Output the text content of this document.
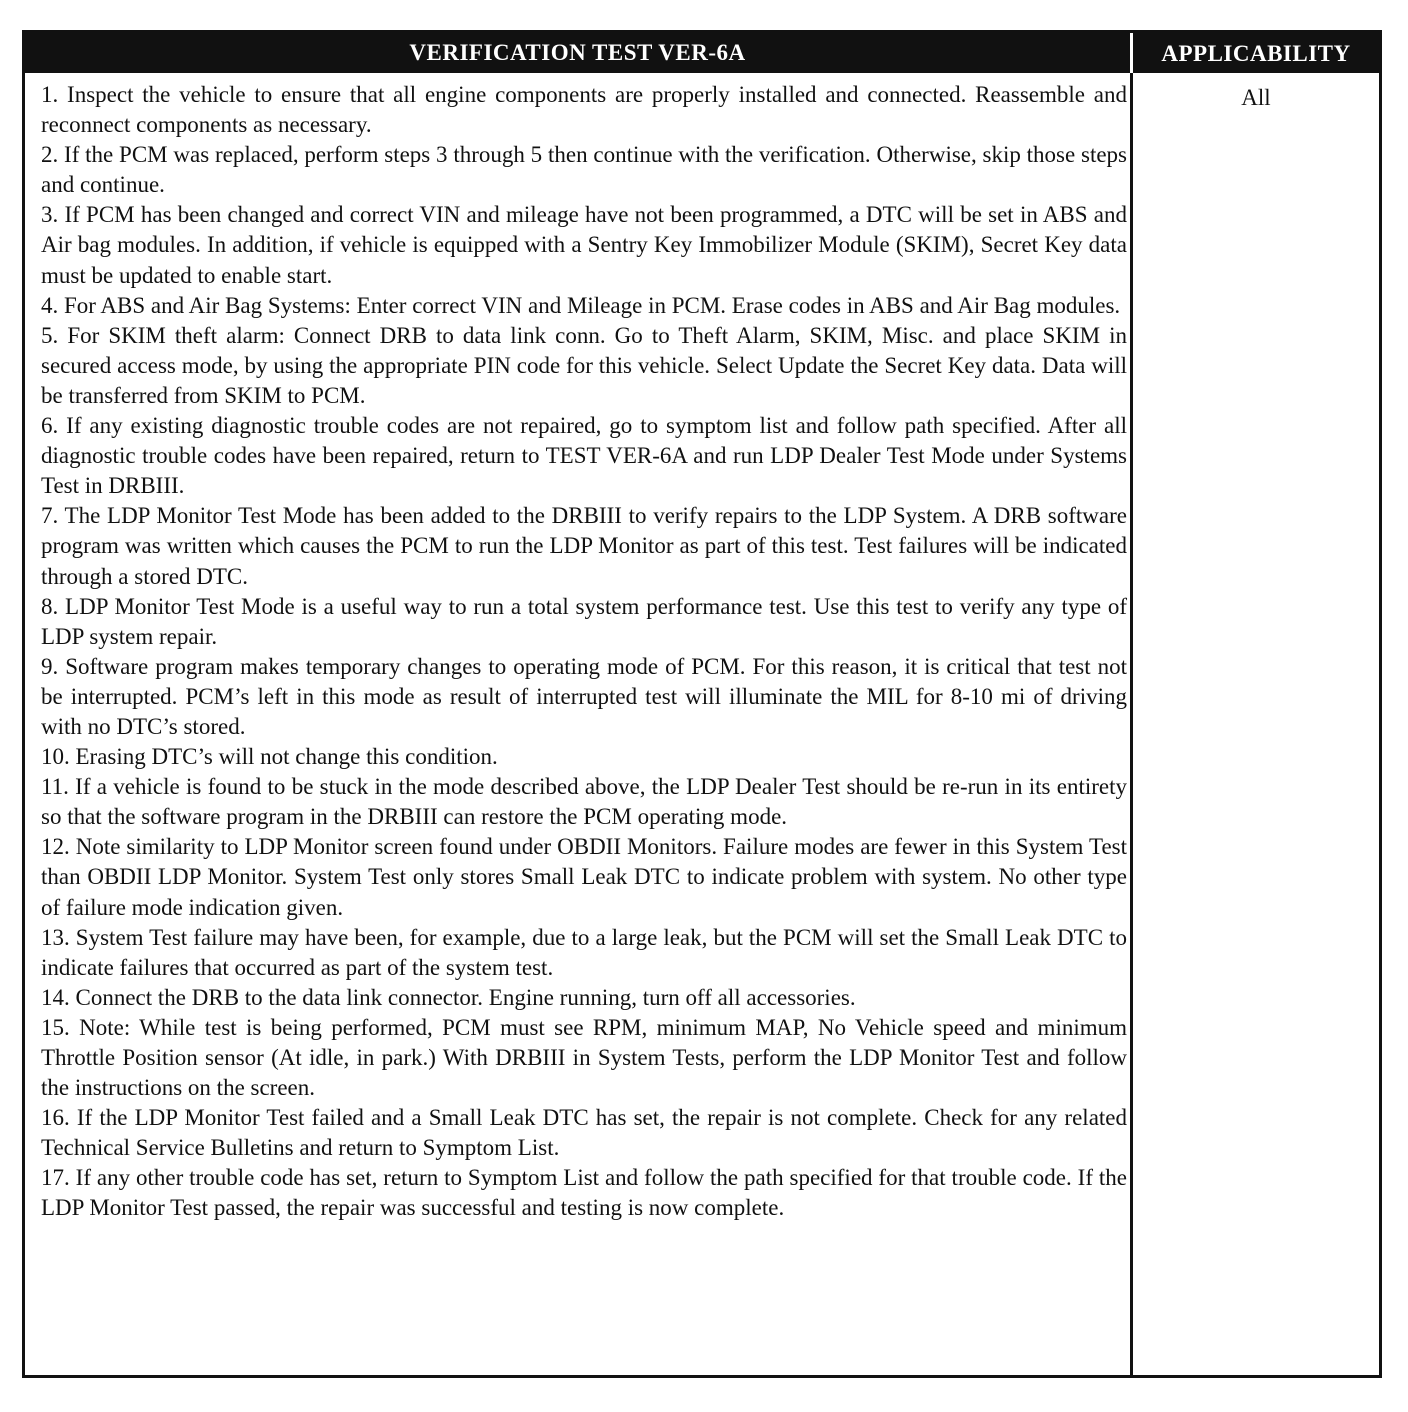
VERIFICATION TEST VER-6A	APPLICABILITY

1. Inspect the vehicle to ensure that all engine components are properly installed and connected. Reassemble and reconnect components as necessary.

2. If the PCM was replaced, perform steps 3 through 5 then continue with the verification. Otherwise, skip those steps and continue.

3. If PCM has been changed and correct VIN and mileage have not been programmed, a DTC will be set in ABS and Air bag modules. In addition, if vehicle is equipped with a Sentry Key Immobilizer Module (SKIM), Secret Key data must be updated to enable start.

4. For ABS and Air Bag Systems: Enter correct VIN and Mileage in PCM. Erase codes in ABS and Air Bag modules.

5. For SKIM theft alarm: Connect DRB to data link conn. Go to Theft Alarm, SKIM, Misc. and place SKIM in secured access mode, by using the appropriate PIN code for this vehicle. Select Update the Secret Key data. Data will be transferred from SKIM to PCM.

6. If any existing diagnostic trouble codes are not repaired, go to symptom list and follow path specified. After all diagnostic trouble codes have been repaired, return to TEST VER-6A and run LDP Dealer Test Mode under Systems Test in DRBIII.

7. The LDP Monitor Test Mode has been added to the DRBIII to verify repairs to the LDP System. A DRB software program was written which causes the PCM to run the LDP Monitor as part of this test. Test failures will be indicated through a stored DTC.

8. LDP Monitor Test Mode is a useful way to run a total system performance test. Use this test to verify any type of LDP system repair.

9. Software program makes temporary changes to operating mode of PCM. For this reason, it is critical that test not be interrupted. PCM’s left in this mode as result of interrupted test will illuminate the MIL for 8-10 mi of driving with no DTC’s stored.

10. Erasing DTC’s will not change this condition.

11. If a vehicle is found to be stuck in the mode described above, the LDP Dealer Test should be re-run in its entirety so that the software program in the DRBIII can restore the PCM operating mode.

12. Note similarity to LDP Monitor screen found under OBDII Monitors. Failure modes are fewer in this System Test than OBDII LDP Monitor. System Test only stores Small Leak DTC to indicate problem with system. No other type of failure mode indication given.

13. System Test failure may have been, for example, due to a large leak, but the PCM will set the Small Leak DTC to indicate failures that occurred as part of the system test.

14. Connect the DRB to the data link connector. Engine running, turn off all accessories.

15. Note: While test is being performed, PCM must see RPM, minimum MAP, No Vehicle speed and minimum Throttle Position sensor (At idle, in park.) With DRBIII in System Tests, perform the LDP Monitor Test and follow the instructions on the screen.

16. If the LDP Monitor Test failed and a Small Leak DTC has set, the repair is not complete. Check for any related Technical Service Bulletins and return to Symptom List.

17. If any other trouble code has set, return to Symptom List and follow the path specified for that trouble code. If the LDP Monitor Test passed, the repair was successful and testing is now complete.

All
